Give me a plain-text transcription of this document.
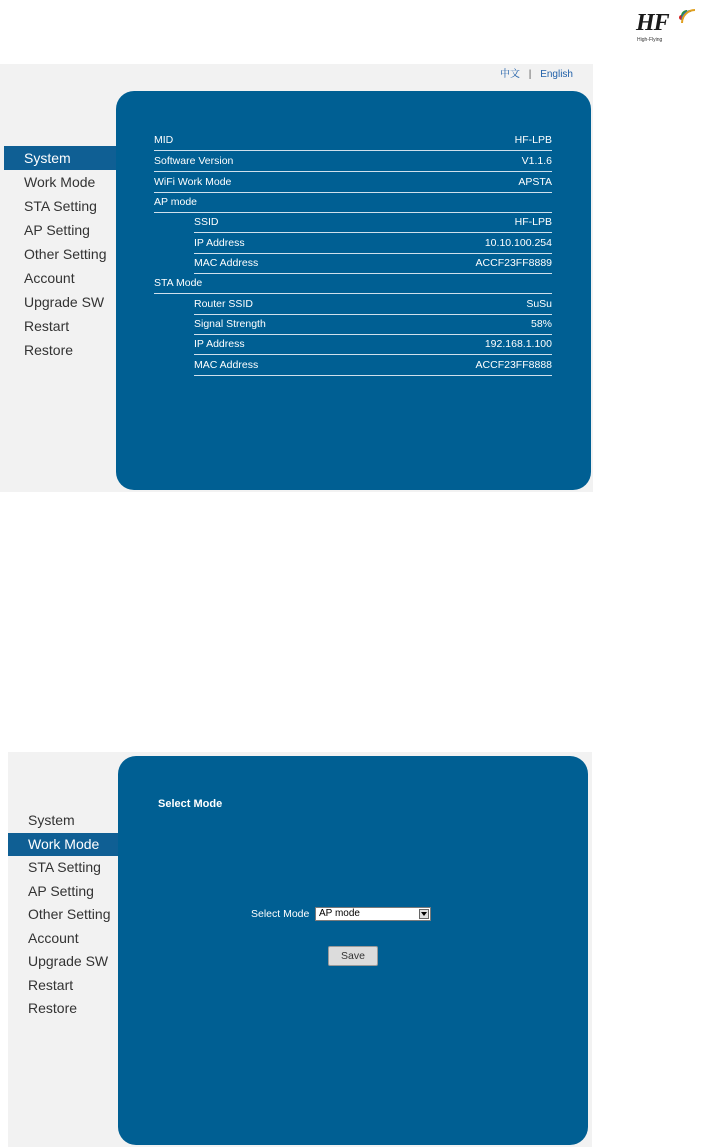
HF
High-Flying
中文 | English
System
Work Mode
STA Setting
AP Setting
Other Setting
Account
Upgrade SW
Restart
Restore
MID	HF-LPB
Software Version	V1.1.6
WiFi Work Mode	APSTA
AP mode
SSID	HF-LPB
IP Address	10.10.100.254
MAC Address	ACCF23FF8889
STA Mode
Router SSID	SuSu
Signal Strength	58%
IP Address	192.168.1.100
MAC Address	ACCF23FF8888
System
Work Mode
STA Setting
AP Setting
Other Setting
Account
Upgrade SW
Restart
Restore
Select Mode
Select Mode AP mode
Save
